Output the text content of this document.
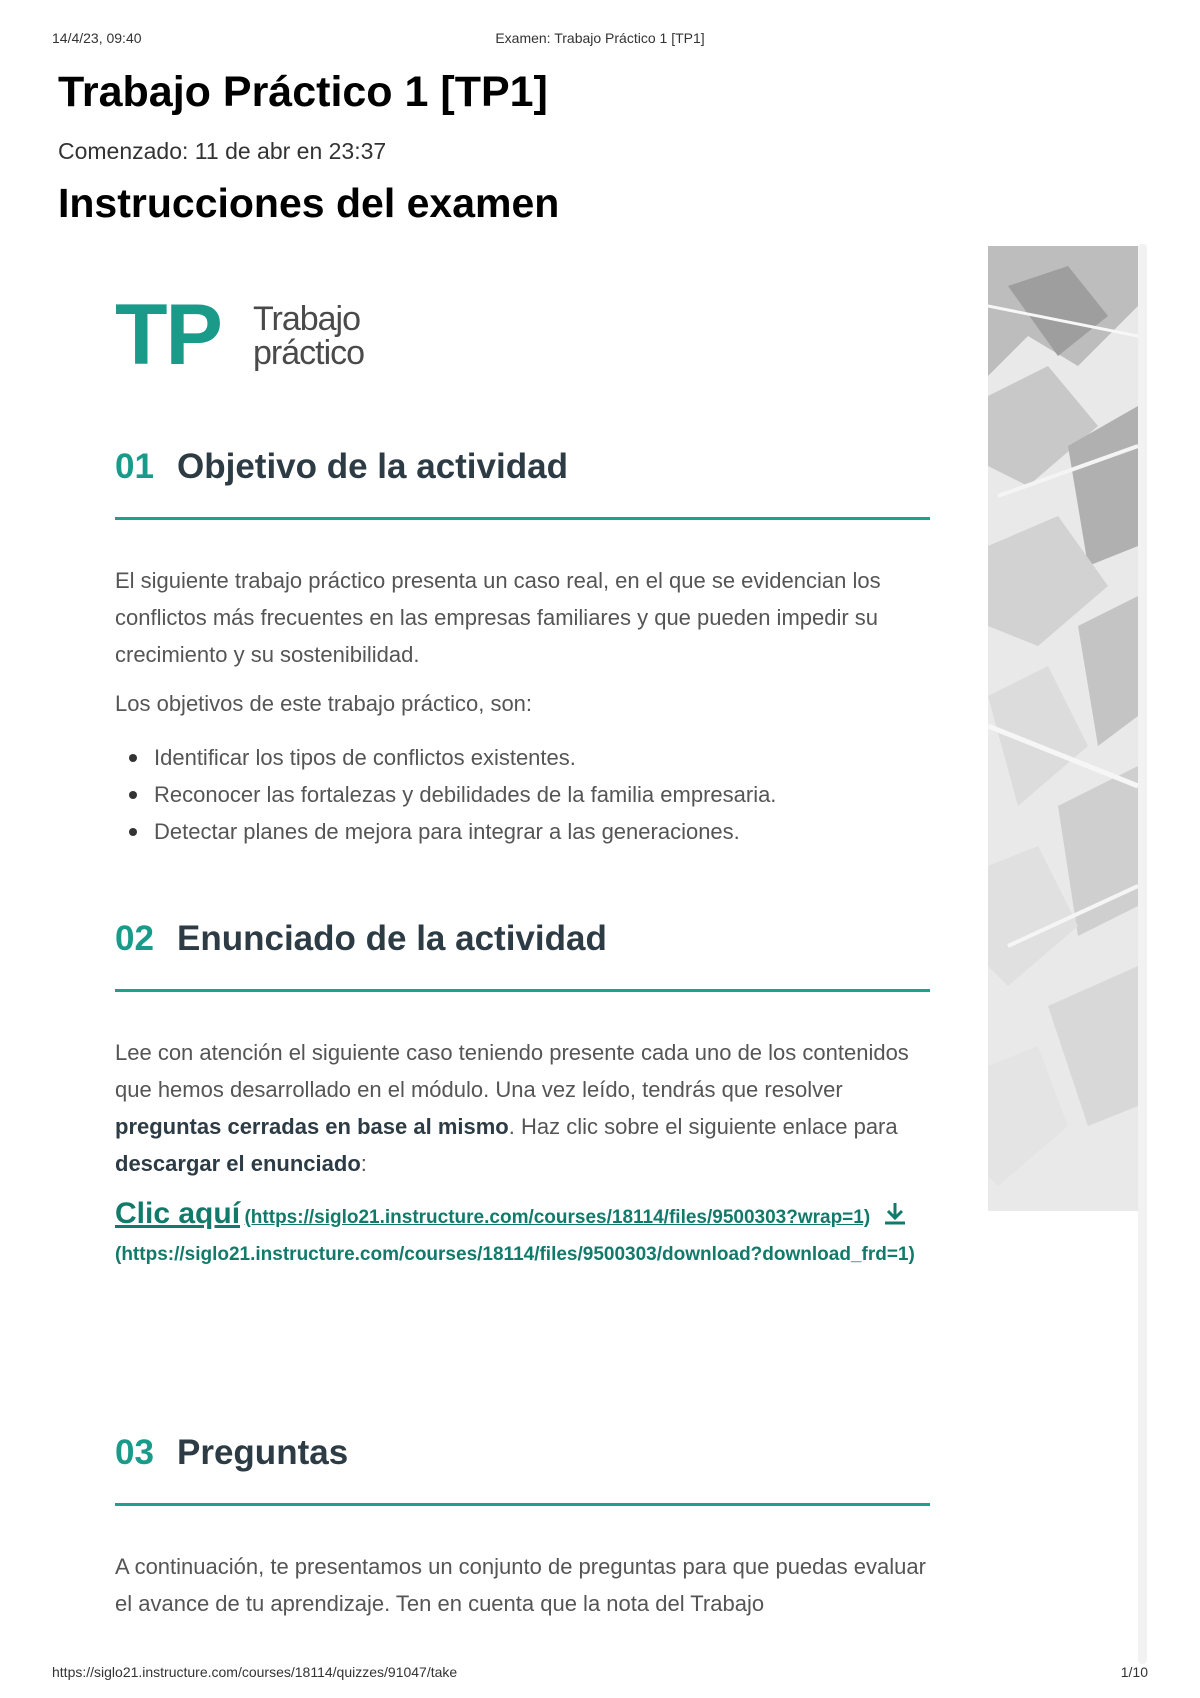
14/4/23, 09:40	Examen: Trabajo Práctico 1 [TP1]
Trabajo Práctico 1 [TP1]
Comenzado: 11 de abr en 23:37
Instrucciones del examen
TP Trabajo
práctico
01 Objetivo de la actividad

El siguiente trabajo práctico presenta un caso real, en el que se evidencian los conflictos más frecuentes en las empresas familiares y que pueden impedir su crecimiento y su sostenibilidad.

Los objetivos de este trabajo práctico, son:

Identificar los tipos de conflictos existentes.
Reconocer las fortalezas y debilidades de la familia empresaria.
Detectar planes de mejora para integrar a las generaciones.
02 Enunciado de la actividad

Lee con atención el siguiente caso teniendo presente cada uno de los contenidos que hemos desarrollado en el módulo. Una vez leído, tendrás que resolver preguntas cerradas en base al mismo. Haz clic sobre el siguiente enlace para descargar el enunciado:

Clic aquí (https://siglo21.instructure.com/courses/18114/files/9500303?wrap=1)
(https://siglo21.instructure.com/courses/18114/files/9500303/download?download_frd=1)
03 Preguntas

A continuación, te presentamos un conjunto de preguntas para que puedas evaluar el avance de tu aprendizaje. Ten en cuenta que la nota del Trabajo

https://siglo21.instructure.com/courses/18114/quizzes/91047/take	1/10
